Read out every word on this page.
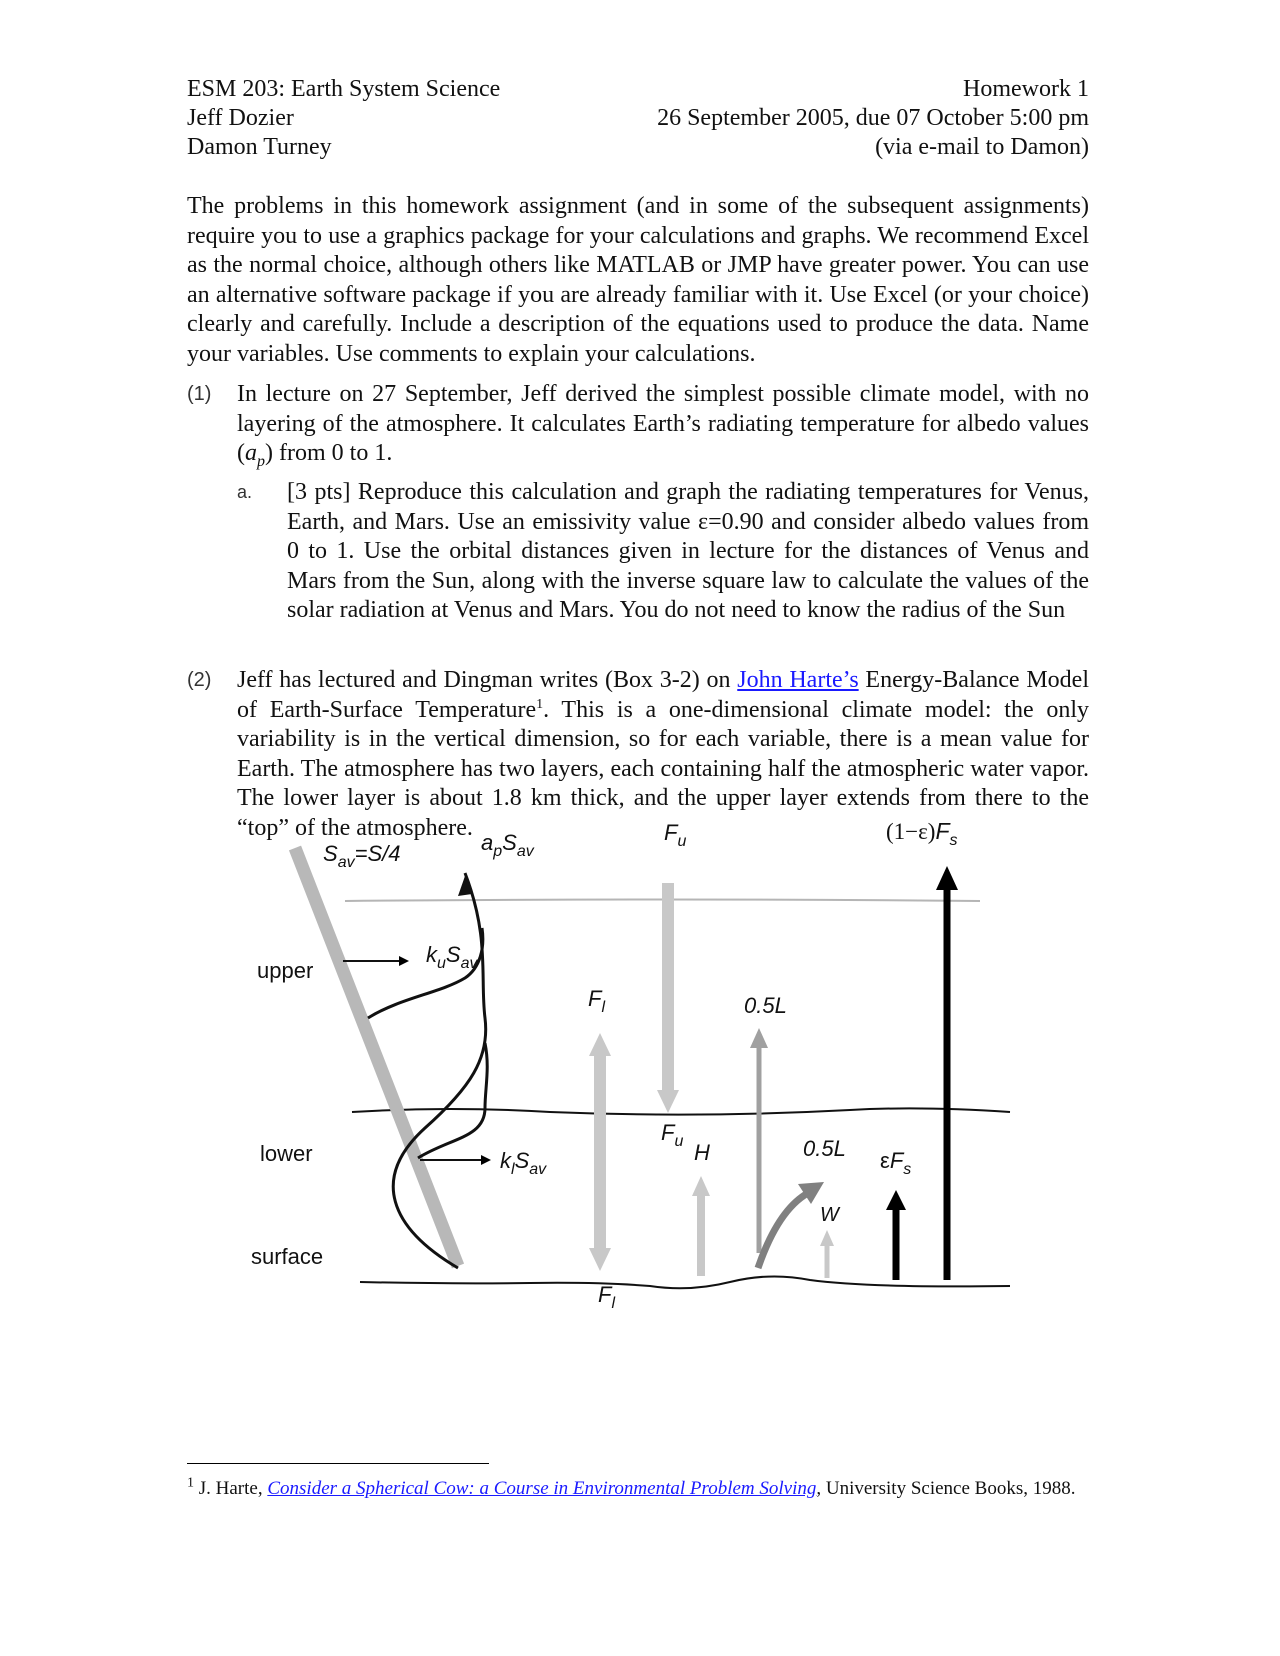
ESM 203: Earth System Science
Jeff Dozier
Damon Turney
Homework 1
26 September 2005, due 07 October 5:00 pm
(via e-mail to Damon)

The problems in this homework assignment (and in some of the subsequent assignments) require you to use a graphics package for your calculations and graphs. We recommend Excel as the normal choice, although others like MATLAB or JMP have greater power. You can use an alternative software package if you are already familiar with it. Use Excel (or your choice) clearly and carefully. Include a description of the equations used to produce the data. Name your variables. Use comments to explain your calculations.

(1) In lecture on 27 September, Jeff derived the simplest possible climate model, with no layering of the atmosphere. It calculates Earth’s radiating temperature for albedo values $(a_p)$ from 0 to 1.

a. [3 pts] Reproduce this calculation and graph the radiating temperatures for Venus, Earth, and Mars. Use an emissivity value ε=0.90 and consider albedo values from 0 to 1. Use the orbital distances given in lecture for the distances of Venus and Mars from the Sun, along with the inverse square law to calculate the values of the solar radiation at Venus and Mars. You do not need to know the radius of the Sun

(2) Jeff has lectured and Dingman writes (Box 3-2) on John Harte’s Energy-Balance Model of Earth-Surface Temperature$^1$. This is a one-dimensional climate model: the only variability is in the vertical dimension, so for each variable, there is a mean value for Earth. The atmosphere has two layers, each containing half the atmospheric water vapor. The lower layer is about 1.8 km thick, and the upper layer extends from there to the “top” of the atmosphere.

upper
lower
surface
$S_{av}=S/4$	$a_pS_{av}$
$k_uS_{av}$
$k_lS_{av}$
$F_u$
$F_u$
$F_l$
$F_l$
$(1-\varepsilon)F_s$
0.5L
0.5L
H
W
$\varepsilon F_s$

$^1$ J. Harte, Consider a Spherical Cow: a Course in Environmental Problem Solving, University Science Books, 1988.
